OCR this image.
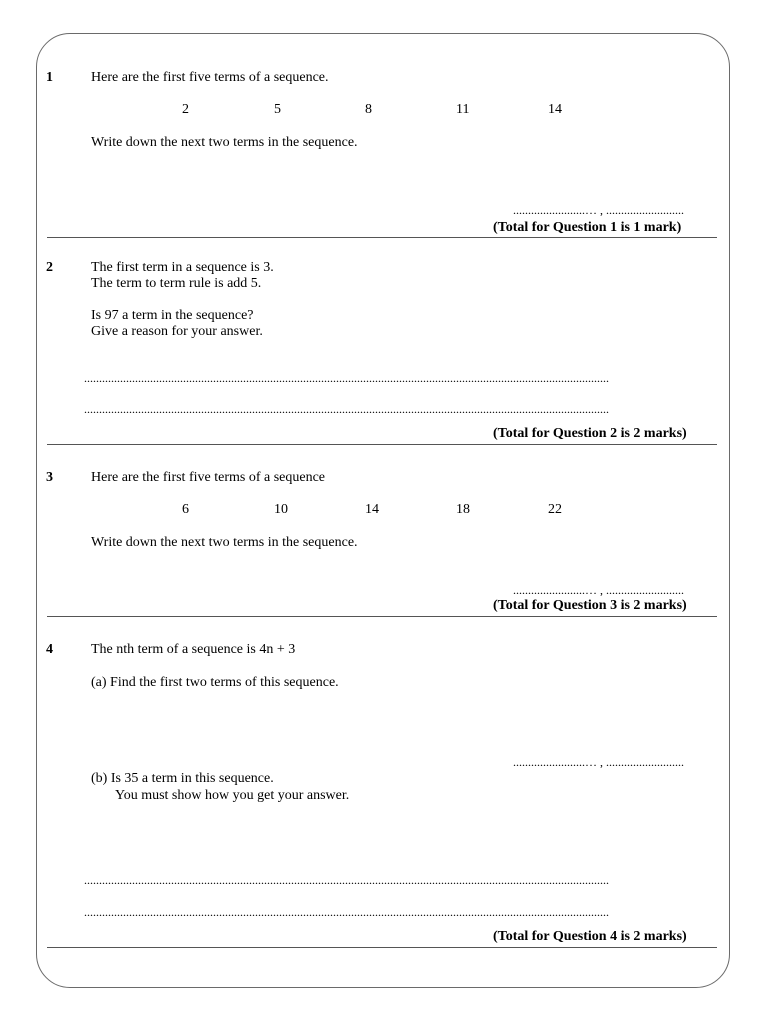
1	Here are the first five terms of a sequence.
2	5	8	11	14
Write down the next two terms in the sequence.
........................… , ..........................
(Total for Question 1 is 1 mark)
2	The first term in a sequence is 3.
The term to term rule is add 5.
Is 97 a term in the sequence?
Give a reason for your answer.
...............................................................................................................................................................................
...............................................................................................................................................................................
(Total for Question 2 is 2 marks)
3	Here are the first five terms of a sequence
6	10	14	18	22
Write down the next two terms in the sequence.
........................… , ..........................
(Total for Question 3 is 2 marks)
4	The nth term of a sequence is 4n + 3
(a) Find the first two terms of this sequence.
........................… , ..........................
(b) Is 35 a term in this sequence.
You must show how you get your answer.
...............................................................................................................................................................................
...............................................................................................................................................................................
(Total for Question 4 is 2 marks)
